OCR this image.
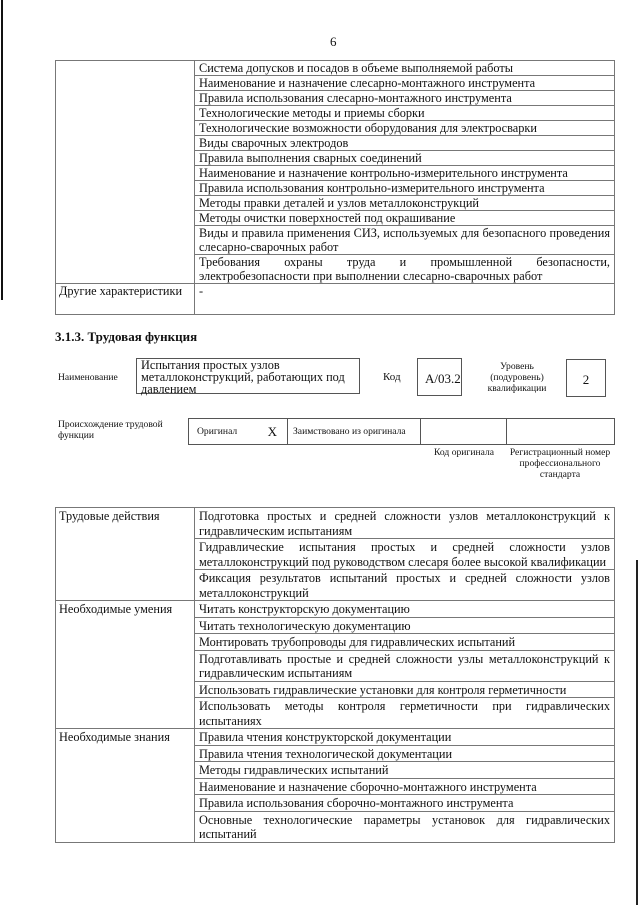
6
	Система допусков и посадов в объеме выполняемой работы
	Наименование и назначение слесарно-монтажного инструмента
	Правила использования слесарно-монтажного инструмента
	Технологические методы и приемы сборки
	Технологические возможности оборудования для электросварки
	Виды сварочных электродов
	Правила выполнения сварных соединений
	Наименование и назначение контрольно-измерительного инструмента
	Правила использования контрольно-измерительного инструмента
	Методы правки деталей и узлов металлоконструкций
	Методы очистки поверхностей под окрашивание
	Виды и правила применения СИЗ, используемых для безопасного проведения слесарно-сварочных работ
	Требования охраны труда и промышленной безопасности, электробезопасности при выполнении слесарно-сварочных работ
Другие характеристики	-
3.1.3. Трудовая функция
Наименование
Испытания простых узлов металлоконструкций, работающих под давлением
Код	A/03.2
Уровень (подуровень) квалификации
2
Происхождение трудовой функции	Оригинал X	Заимствовано из оригинала
Код оригинала	Регистрационный номер профессионального стандарта
Трудовые действия	Подготовка простых и средней сложности узлов металлоконструкций к гидравлическим испытаниям
	Гидравлические испытания простых и средней сложности узлов металлоконструкций под руководством слесаря более высокой квалификации
	Фиксация результатов испытаний простых и средней сложности узлов металлоконструкций
Необходимые умения	Читать конструкторскую документацию
	Читать технологическую документацию
	Монтировать трубопроводы для гидравлических испытаний
	Подготавливать простые и средней сложности узлы металлоконструкций к гидравлическим испытаниям
	Использовать гидравлические установки для контроля герметичности
	Использовать методы контроля герметичности при гидравлических испытаниях
Необходимые знания	Правила чтения конструкторской документации
	Правила чтения технологической документации
	Методы гидравлических испытаний
	Наименование и назначение сборочно-монтажного инструмента
	Правила использования сборочно-монтажного инструмента
	Основные технологические параметры установок для гидравлических испытаний
